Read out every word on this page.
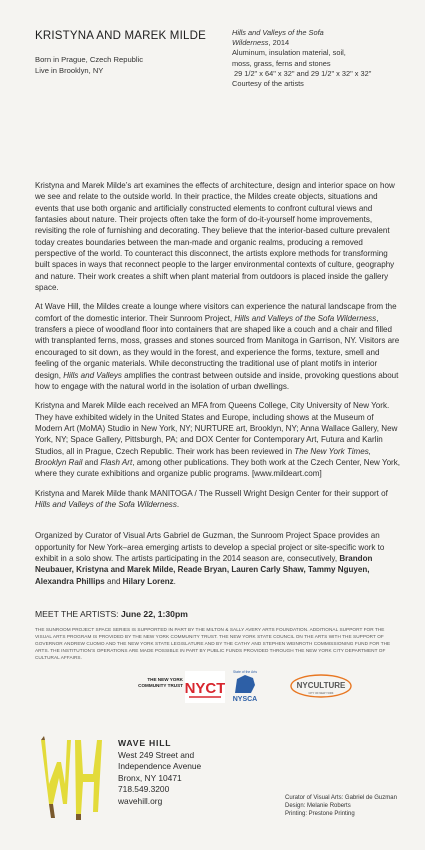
KRISTYNA AND MAREK MILDE
Born in Prague, Czech Republic
Live in Brooklyn, NY
Hills and Valleys of the Sofa
Wilderness, 2014
Aluminum, insulation material, soil,
moss, grass, ferns and stones
29 1/2" x 64" x 32" and 29 1/2" x 32" x 32"
Courtesy of the artists

Kristyna and Marek Milde’s art examines the effects of architecture, design and interior space on how we see and relate to the outside world. In their practice, the Mildes create objects, situations and events that use both organic and artificially constructed elements to confront cultural views and fantasies about nature. Their projects often take the form of do-it-yourself home improvements, revisiting the role of furnishing and decorating. They believe that the interior-based culture prevalent today creates boundaries between the man-made and organic realms, producing a removed perspective of the world. To counteract this disconnect, the artists explore methods for transforming built spaces in ways that reconnect people to the larger environmental contexts of culture, geography and nature. Their work creates a shift when plant material from outdoors is placed inside the gallery space.

At Wave Hill, the Mildes create a lounge where visitors can experience the natural landscape from the comfort of the domestic interior. Their Sunroom Project, Hills and Valleys of the Sofa Wilderness, transfers a piece of woodland floor into containers that are shaped like a couch and a chair and filled with transplanted ferns, moss, grasses and stones sourced from Manitoga in Garrison, NY. Visitors are encouraged to sit down, as they would in the forest, and experience the forms, texture, smell and feeling of the organic materials. While deconstructing the traditional use of plant motifs in interior design, Hills and Valleys amplifies the contrast between outside and inside, provoking questions about how to engage with the natural world in the isolation of urban dwellings.

Kristyna and Marek Milde each received an MFA from Queens College, City University of New York. They have exhibited widely in the United States and Europe, including shows at the Museum of Modern Art (MoMA) Studio in New York, NY; NURTURE art, Brooklyn, NY; Anna Wallace Gallery, New York, NY; Space Gallery, Pittsburgh, PA; and DOX Center for Contemporary Art, Futura and Karlin Studios, all in Prague, Czech Republic. Their work has been reviewed in The New York Times, Brooklyn Rail and Flash Art, among other publications. They both work at the Czech Center, New York, where they curate exhibitions and organize public programs. [www.mildeart.com]

Kristyna and Marek Milde thank MANITOGA / The Russell Wright Design Center for their support of Hills and Valleys of the Sofa Wilderness.

Organized by Curator of Visual Arts Gabriel de Guzman, the Sunroom Project Space provides an opportunity for New York–area emerging artists to develop a special project or site-specific work to exhibit in a solo show. The artists participating in the 2014 season are, consecutively, Brandon Neubauer, Kristyna and Marek Milde, Reade Bryan, Lauren Carly Shaw, Tammy Nguyen, Alexandra Phillips and Hilary Lorenz.

MEET THE ARTISTS: June 22, 1:30pm
THE SUNROOM PROJECT SPACE SERIES IS SUPPORTED IN PART BY THE MILTON & SALLY AVERY ARTS FOUNDATION. ADDITIONAL SUPPORT FOR THE VISUAL ARTS PROGRAM IS PROVIDED BY THE NEW YORK COMMUNITY TRUST. THE NEW YORK STATE COUNCIL ON THE ARTS WITH THE SUPPORT OF GOVERNOR ANDREW CUOMO AND THE NEW YORK STATE LEGISLATURE AND BY THE CATHY AND STEPHEN WEINROTH COMMISSIONING FUND FOR THE ARTS. THE INSTITUTION’S OPERATIONS ARE MADE POSSIBLE IN PART BY PUBLIC FUNDS PROVIDED THROUGH THE NEW YORK CITY DEPARTMENT OF CULTURAL AFFAIRS.
THE NEW YORK
COMMUNITY TRUST NYCT
State of the Arts
NYSCA
NYCULTURE
CITY OF NEW YORK
WAVE HILL
West 249 Street and
Independence Avenue
Bronx, NY 10471
718.549.3200
wavehill.org	Curator of Visual Arts: Gabriel de Guzman
Design: Melanie Roberts
Printing: Prestone Printing
